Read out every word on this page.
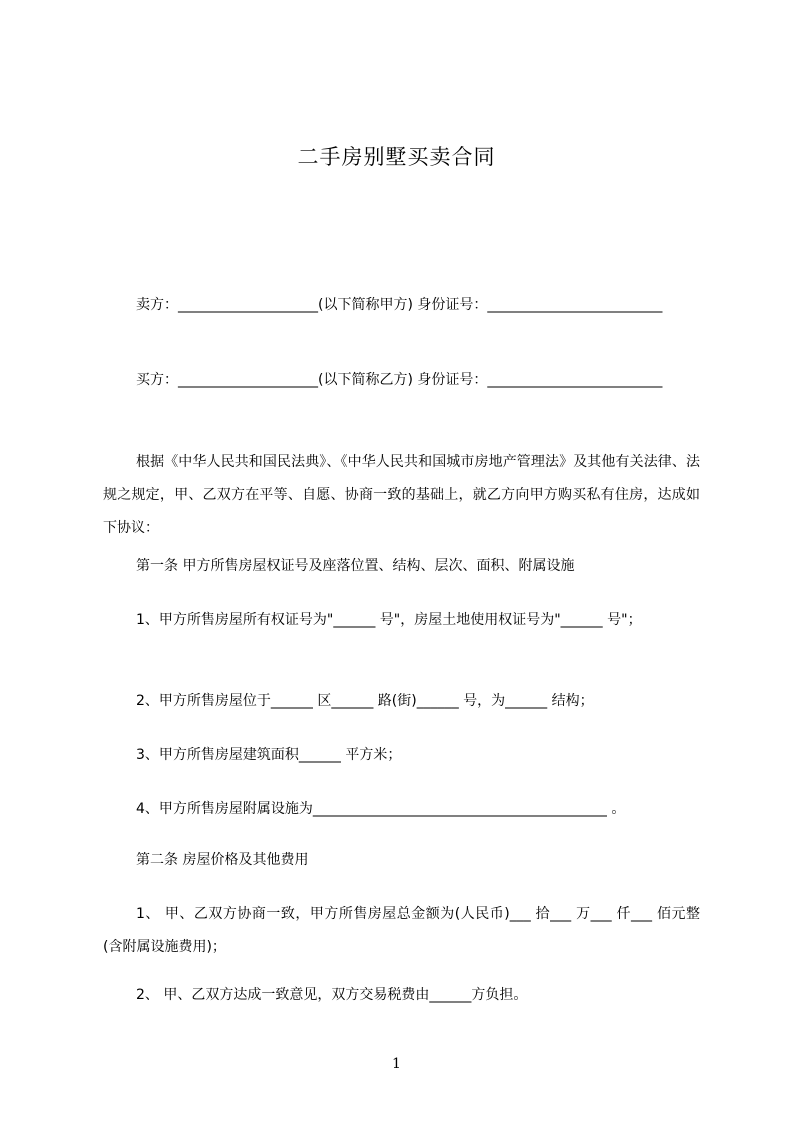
二手房别墅买卖合同
卖方：____________________(以下简称甲方) 身份证号：_________________________
买方：____________________(以下简称乙方) 身份证号：_________________________
根据《中华人民共和国民法典》、《中华人民共和国城市房地产管理法》及其他有关法律、法规之规定，甲、乙双方在平等、自愿、协商一致的基础上，就乙方向甲方购买私有住房，达成如下协议：
第一条 甲方所售房屋权证号及座落位置、结构、层次、面积、附属设施
1、甲方所售房屋所有权证号为"______ 号"，房屋土地使用权证号为"______ 号"；
2、甲方所售房屋位于______ 区______ 路(街)______ 号，为______ 结构；
3、甲方所售房屋建筑面积______ 平方米；
4、甲方所售房屋附属设施为__________________________________________ 。
第二条 房屋价格及其他费用
1、 甲、乙双方协商一致，甲方所售房屋总金额为(人民币)___ 拾___ 万___ 仟___ 佰元整(含附属设施费用)；
2、 甲、乙双方达成一致意见，双方交易税费由______方负担。
1
